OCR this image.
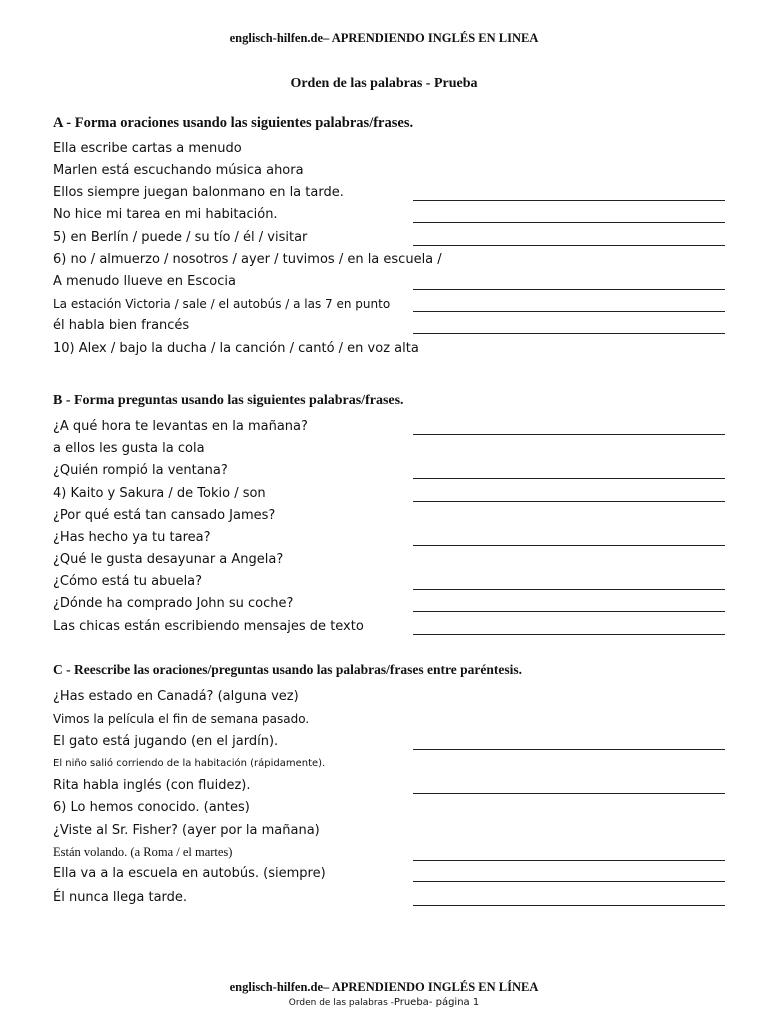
englisch-hilfen.de– APRENDIENDO INGLÉS EN LINEA
Orden de las palabras - Prueba
A - Forma oraciones usando las siguientes palabras/frases.
Ella escribe cartas a menudo
Marlen está escuchando música ahora
Ellos siempre juegan balonmano en la tarde.
No hice mi tarea en mi habitación.
5) en Berlín / puede / su tío / él / visitar
6) no / almuerzo / nosotros / ayer / tuvimos / en la escuela /
A menudo llueve en Escocia
La estación Victoria / sale / el autobús / a las 7 en punto
él habla bien francés
10) Alex / bajo la ducha / la canción / cantó / en voz alta
B - Forma preguntas usando las siguientes palabras/frases.
¿A qué hora te levantas en la mañana?
a ellos les gusta la cola
¿Quién rompió la ventana?
4) Kaito y Sakura / de Tokio / son
¿Por qué está tan cansado James?
¿Has hecho ya tu tarea?
¿Qué le gusta desayunar a Angela?
¿Cómo está tu abuela?
¿Dónde ha comprado John su coche?
Las chicas están escribiendo mensajes de texto
C - Reescribe las oraciones/preguntas usando las palabras/frases entre paréntesis.
¿Has estado en Canadá? (alguna vez)
Vimos la película el fin de semana pasado.
El gato está jugando (en el jardín).
El niño salió corriendo de la habitación (rápidamente).
Rita habla inglés (con fluidez).
6) Lo hemos conocido. (antes)
¿Viste al Sr. Fisher? (ayer por la mañana)
Están volando. (a Roma / el martes)
Ella va a la escuela en autobús. (siempre)
Él nunca llega tarde.
englisch-hilfen.de– APRENDIENDO INGLÉS EN LÍNEA
Orden de las palabras -Prueba- página 1
